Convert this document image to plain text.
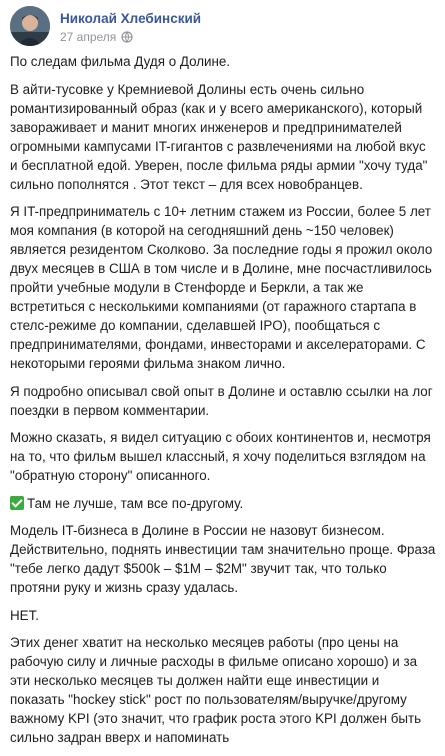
Николай Хлебинский
27 апреля

По следам фильма Дудя о Долине.

В айти-тусовке у Кремниевой Долины есть очень сильно романтизированный образ (как и у всего американского), который завораживает и манит многих инженеров и предпринимателей огромными кампусами IT-гигантов с развлечениями на любой вкус и бесплатной едой. Уверен, после фильма ряды армии "хочу туда" сильно пополнятся . Этот текст – для всех новобранцев.

Я IT-предприниматель с 10+ летним стажем из России, более 5 лет моя компания (в которой на сегодняшний день ~150 человек) является резидентом Сколково. За последние годы я прожил около двух месяцев в США в том числе и в Долине, мне посчастливилось пройти учебные модули в Стенфорде и Беркли, а так же встретиться с несколькими компаниями (от гаражного стартапа в стелс-режиме до компании, сделавшей IPO), пообщаться с предпринимателями, фондами, инвесторами и акселераторами. С некоторыми героями фильма знаком лично.

Я подробно описывал свой опыт в Долине и оставлю ссылки на лог поездки в первом комментарии.

Можно сказать, я видел ситуацию с обоих континентов и, несмотря на то, что фильм вышел классный, я хочу поделиться взглядом на "обратную сторону" описанного.

Там не лучше, там все по-другому.

Модель IT-бизнеса в Долине в России не назовут бизнесом. Действительно, поднять инвестиции там значительно проще. Фраза "тебе легко дадут $500k – $1M – $2M" звучит так, что только протяни руку и жизнь сразу удалась.

НЕТ.

Этих денег хватит на несколько месяцев работы (про цены на рабочую силу и личные расходы в фильме описано хорошо) и за эти несколько месяцев ты должен найти еще инвестиции и показать "hockey stick" рост по пользователям/выручке/другому важному KPI (это значит, что график роста этого KPI должен быть сильно задран вверх и напоминать
